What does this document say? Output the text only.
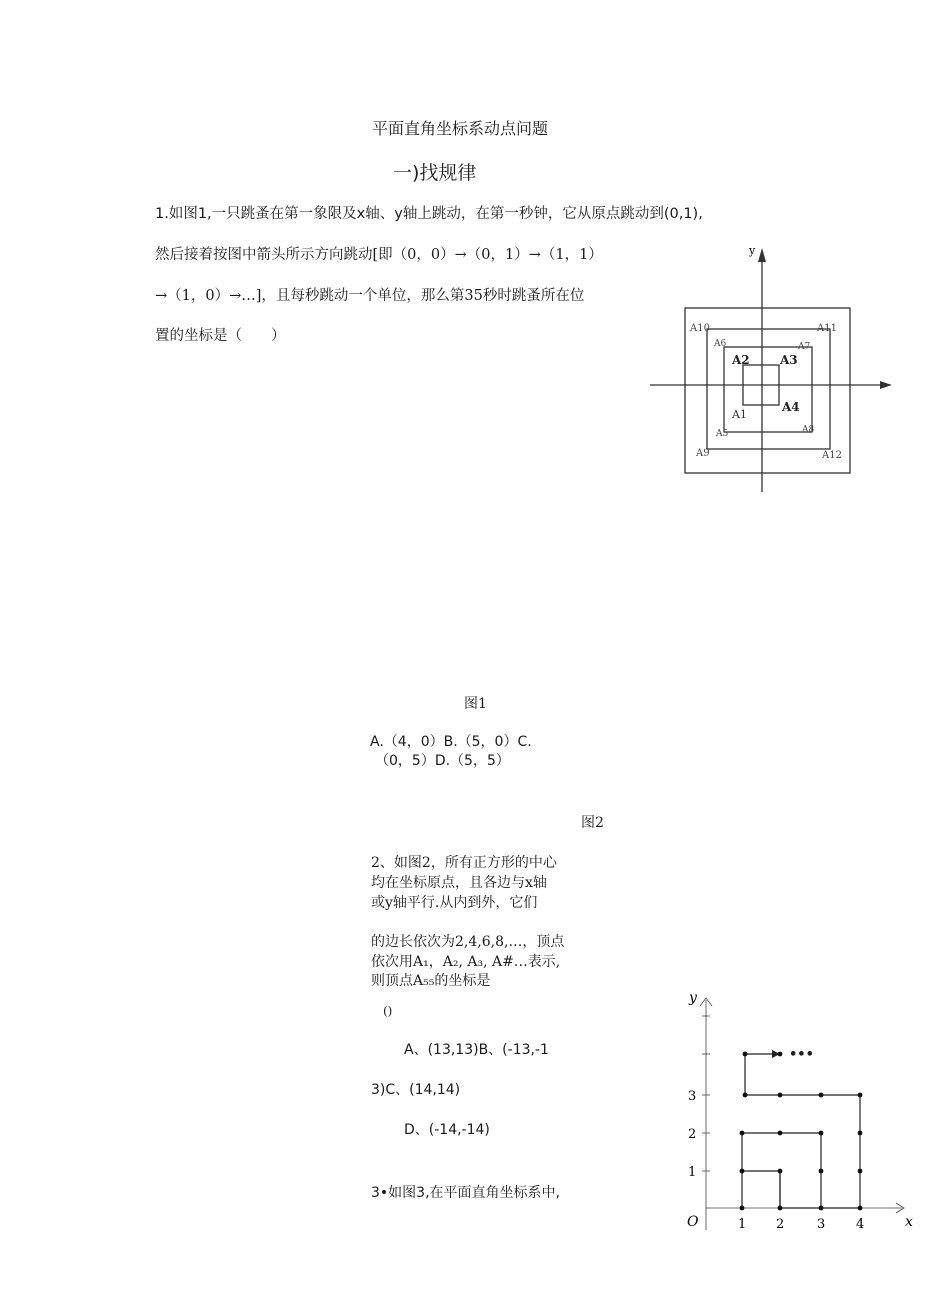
平面直角坐标系动点问题
一)找规律
1.如图1,一只跳蚤在第一象限及x轴、y轴上跳动，在第一秒钟，它从原点跳动到(0,1),
然后接着按图中箭头所示方向跳动[即（0，0）→（0，1）→（1，1）
→（1，0）→…]，且每秒跳动一个单位，那么第35秒时跳蚤所在位
置的坐标是（　　）
y
A10	A11
A6	A7
A2	A3
A1
A4
A5	A8
A9	A12
图1
A.（4，0）B.（5，0）C.
（0，5）D.（5，5）
图2
2、如图2，所有正方形的中心
均在坐标原点，且各边与x轴
或y轴平行.从内到外，它们
的边长依次为2,4,6,8,…，顶点
依次用A₁，A₂, A₃, A#…表示,
则顶点A₅₅的坐标是
()
A、(13,13)B、(-13,-1
3)C、(14,14)
D、(-14,-14)
3•如图3,在平面直角坐标系中,
•••
y
x
O	1 2	3 4
1
2
3
